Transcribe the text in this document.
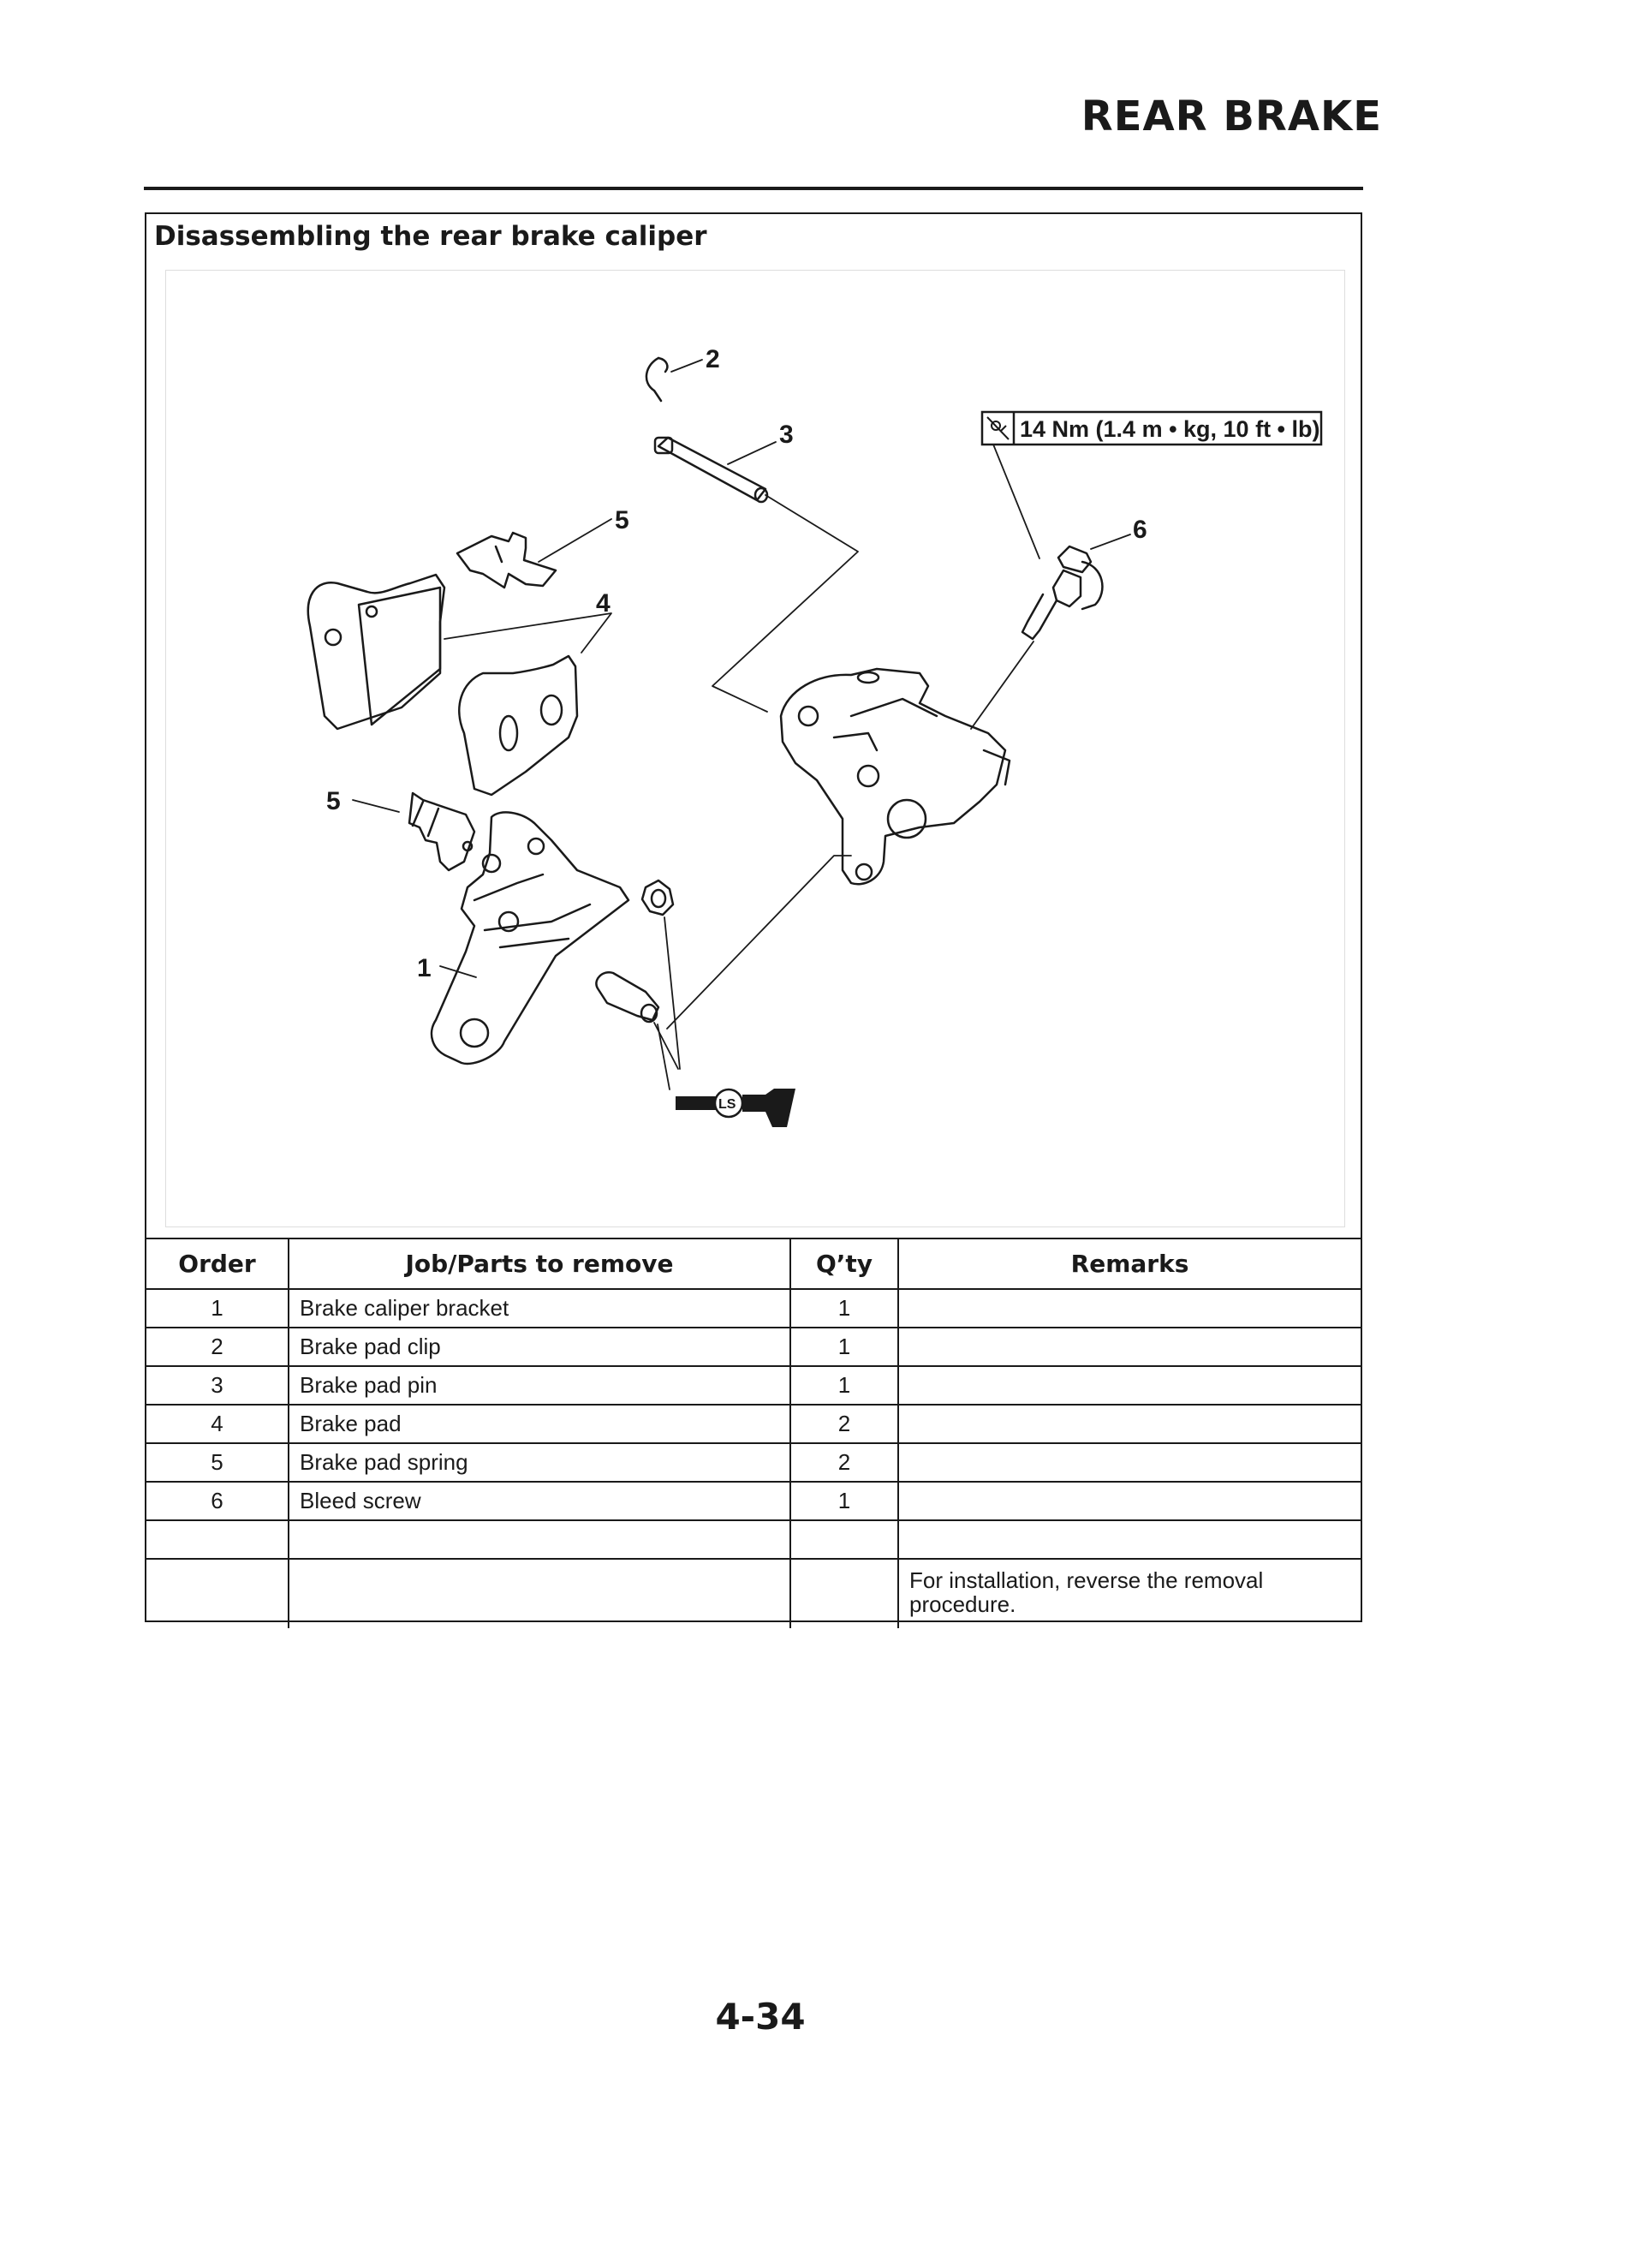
REAR BRAKE
Disassembling the rear brake caliper
14 Nm (1.4 m • kg, 10 ft • lb)
LS
2
3
5
4
5
1
6
Order	Job/Parts to remove	Q’ty	Remarks
1	Brake caliper bracket	1	
2	Brake pad clip	1	
3	Brake pad pin	1	
4	Brake pad	2	
5	Brake pad spring	2	
6	Bleed screw	1	

			For installation, reverse the removal procedure.
4-34
